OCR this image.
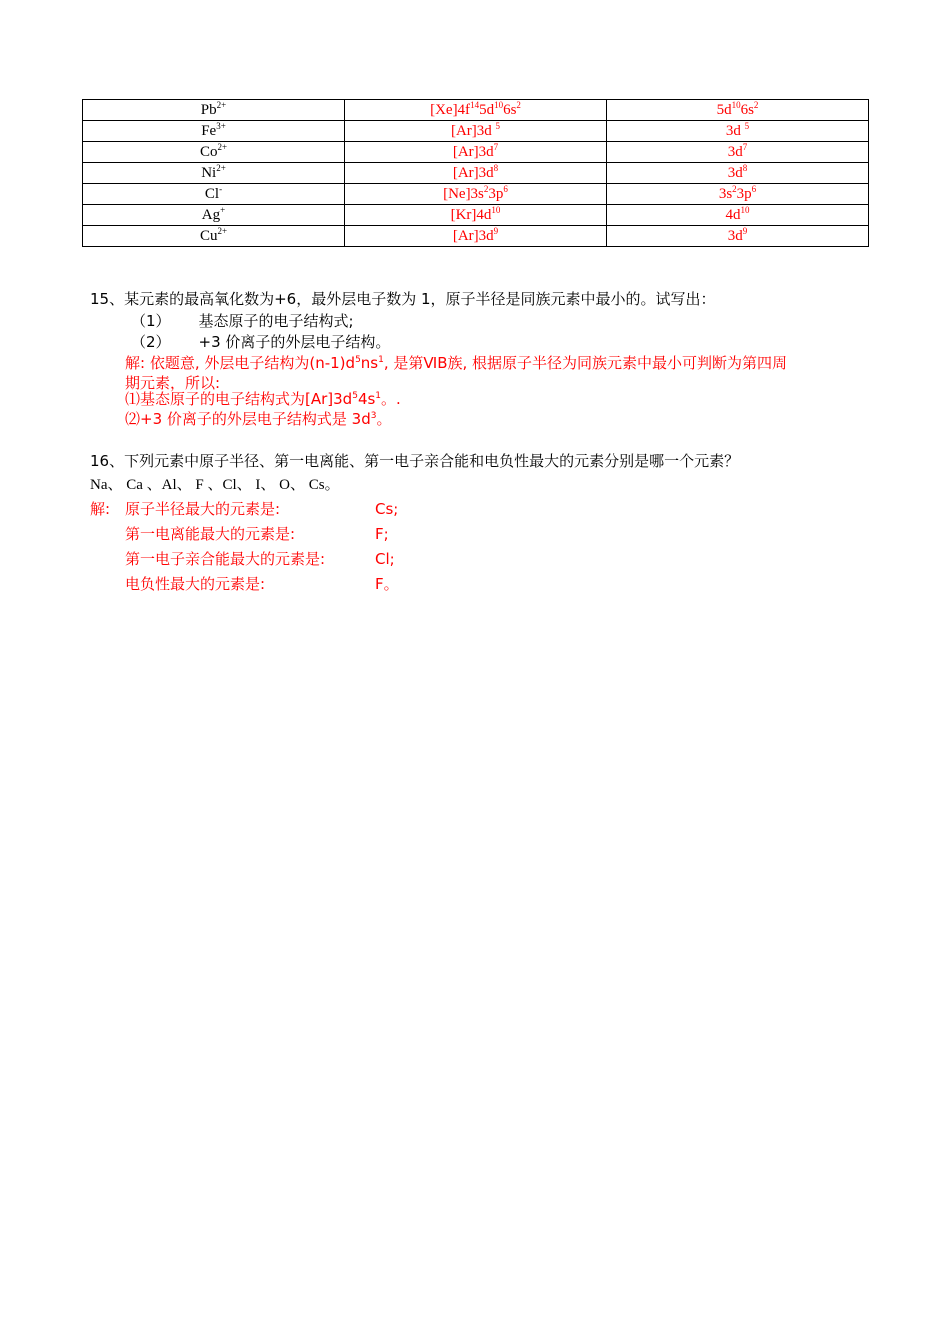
$Pb^{2+}$	$[Xe]4f^{14}5d^{10}6s^2$	$5d^{10}6s^2$
$Fe^{3+}$	[Ar]3d $^5$	3d $^5$
$Co^{2+}$	$[Ar]3d^7$	$3d^7$
$Ni^{2+}$	$[Ar]3d^8$	$3d^8$
Cl-	$[Ne]3s^23p^6$	$3s^23p^6$
Ag+	$[Kr]4d^{10}$	$4d^{10}$
$Cu^{2+}$	$[Ar]3d^9$	$3d^9$
15、某元素的最高氧化数为+6，最外层电子数为 1，原子半径是同族元素中最小的。试写出：
（1） 基态原子的电子结构式;
（2） +3 价离子的外层电子结构。
解: 依题意, 外层电子结构为$(n-1)d^5ns^1$, 是第ⅥB族, 根据原子半径为同族元素中最小可判断为第四周
期元素，所以:
⑴基态原子的电子结构式为$[Ar]3d^54s^1$。.
⑵+3 价离子的外层电子结构式是 $3d^3$。
16、下列元素中原子半径、第一电离能、第一电子亲合能和电负性最大的元素分别是哪一个元素？
Na、 Ca 、Al、 F 、Cl、 I、 O、 Cs。
解: 原子半径最大的元素是:	Cs;
第一电离能最大的元素是:	F;
第一电子亲合能最大的元素是:	Cl;
电负性最大的元素是:	F。
